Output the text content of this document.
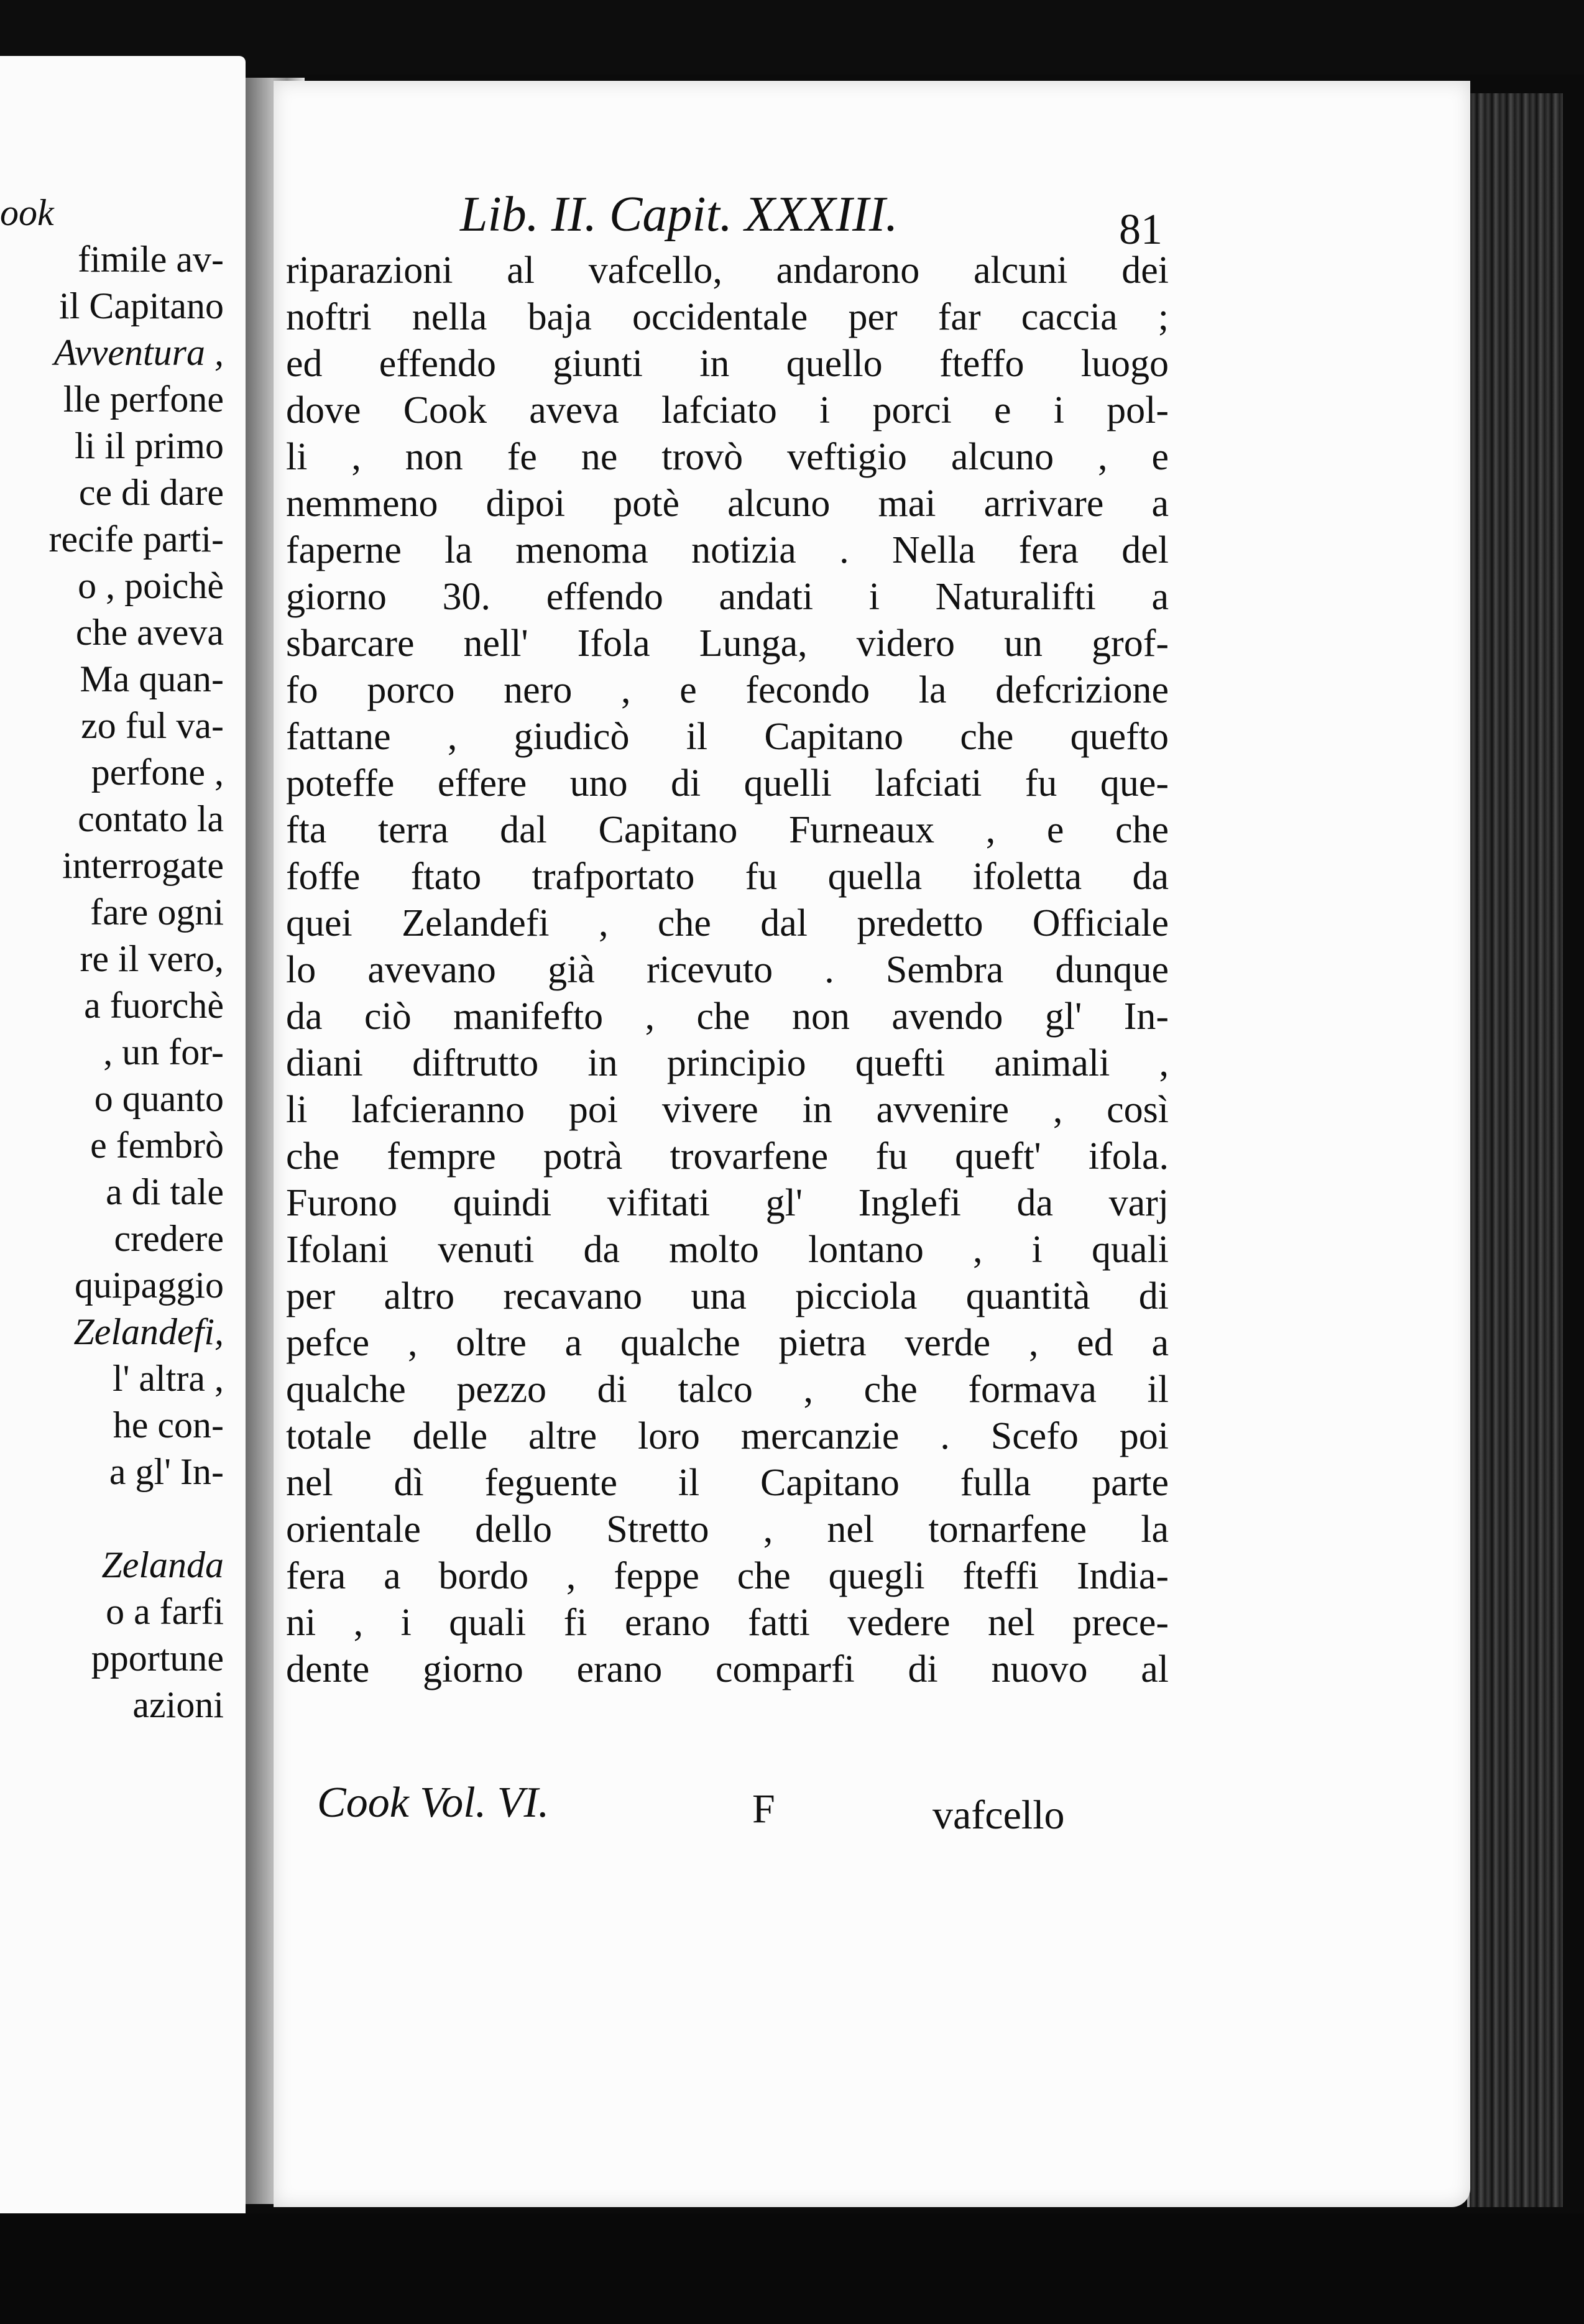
ook
fimile av-
il Capitano
Avventura ,
lle perfone
li il primo
ce di dare
recife parti-
o , poichè
che aveva
Ma quan-
zo ful va-
perfone ,
contato la
interrogate
fare ogni
re il vero,
a fuorchè
, un for-
o quanto
e fembrò
a di tale
credere
quipaggio
Zelandefi,
l' altra ,
he con-
a gl' In-
Zelanda
o a farfi
pportune
azioni
Lib. II. Capit. XXXIII.	81
riparazioni al vafcello, andarono alcuni dei
noftri nella baja occidentale per far caccia ;
ed effendo giunti in quello fteffo luogo
dove Cook aveva lafciato i porci e i pol-
li , non fe ne trovò veftigio alcuno , e
nemmeno dipoi potè alcuno mai arrivare a
faperne la menoma notizia . Nella fera del
giorno 30. effendo andati i Naturalifti a
sbarcare nell' Ifola Lunga, videro un grof-
fo porco nero , e fecondo la defcrizione
fattane , giudicò il Capitano che quefto
poteffe effere uno di quelli lafciati fu que-
fta terra dal Capitano Furneaux , e che
foffe ftato trafportato fu quella ifoletta da
quei Zelandefi , che dal predetto Officiale
lo avevano già ricevuto . Sembra dunque
da ciò manifefto , che non avendo gl' In-
diani diftrutto in principio quefti animali ,
li lafcieranno poi vivere in avvenire , così
che fempre potrà trovarfene fu queft' ifola.
Furono quindi vifitati gl' Inglefi da varj
Ifolani venuti da molto lontano , i quali
per altro recavano una picciola quantità di
pefce , oltre a qualche pietra verde , ed a
qualche pezzo di talco , che formava il
totale delle altre loro mercanzie . Scefo poi
nel dì feguente il Capitano fulla parte
orientale dello Stretto , nel tornarfene la
fera a bordo , feppe che quegli fteffi India-
ni , i quali fi erano fatti vedere nel prece-
dente giorno erano comparfi di nuovo al
Cook Vol. VI.	F	vafcello
